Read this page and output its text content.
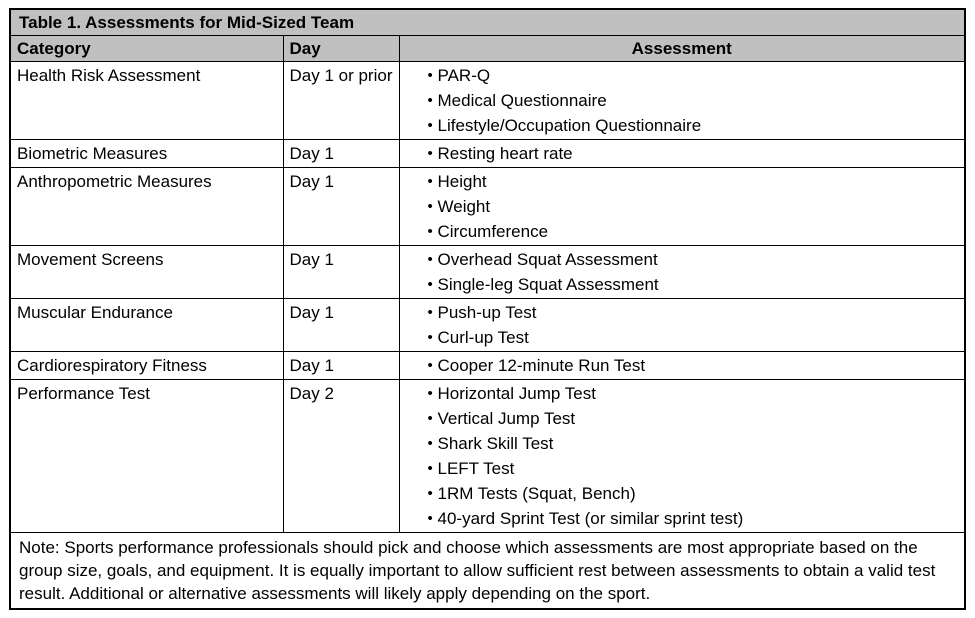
Table 1. Assessments for Mid-Sized Team		
Category	Day	Assessment
Health Risk Assessment	Day 1 or prior	• PAR-Q
• Medical Questionnaire
• Lifestyle/Occupation Questionnaire

Biometric Measures	Day 1	• Resting heart rate

Anthropometric Measures	Day 1	• Height
• Weight
• Circumference

Movement Screens	Day 1	• Overhead Squat Assessment
• Single-leg Squat Assessment

Muscular Endurance	Day 1	• Push-up Test
• Curl-up Test

Cardiorespiratory Fitness	Day 1	• Cooper 12-minute Run Test

Performance Test	Day 2	• Horizontal Jump Test
• Vertical Jump Test
• Shark Skill Test
• LEFT Test
• 1RM Tests (Squat, Bench)
• 40-yard Sprint Test (or similar sprint test)

Note: Sports performance professionals should pick and choose which assessments are most appropriate based on the group size, goals, and equipment. It is equally important to allow sufficient rest between assessments to obtain a valid test result. Additional or alternative assessments will likely apply depending on the sport.		
